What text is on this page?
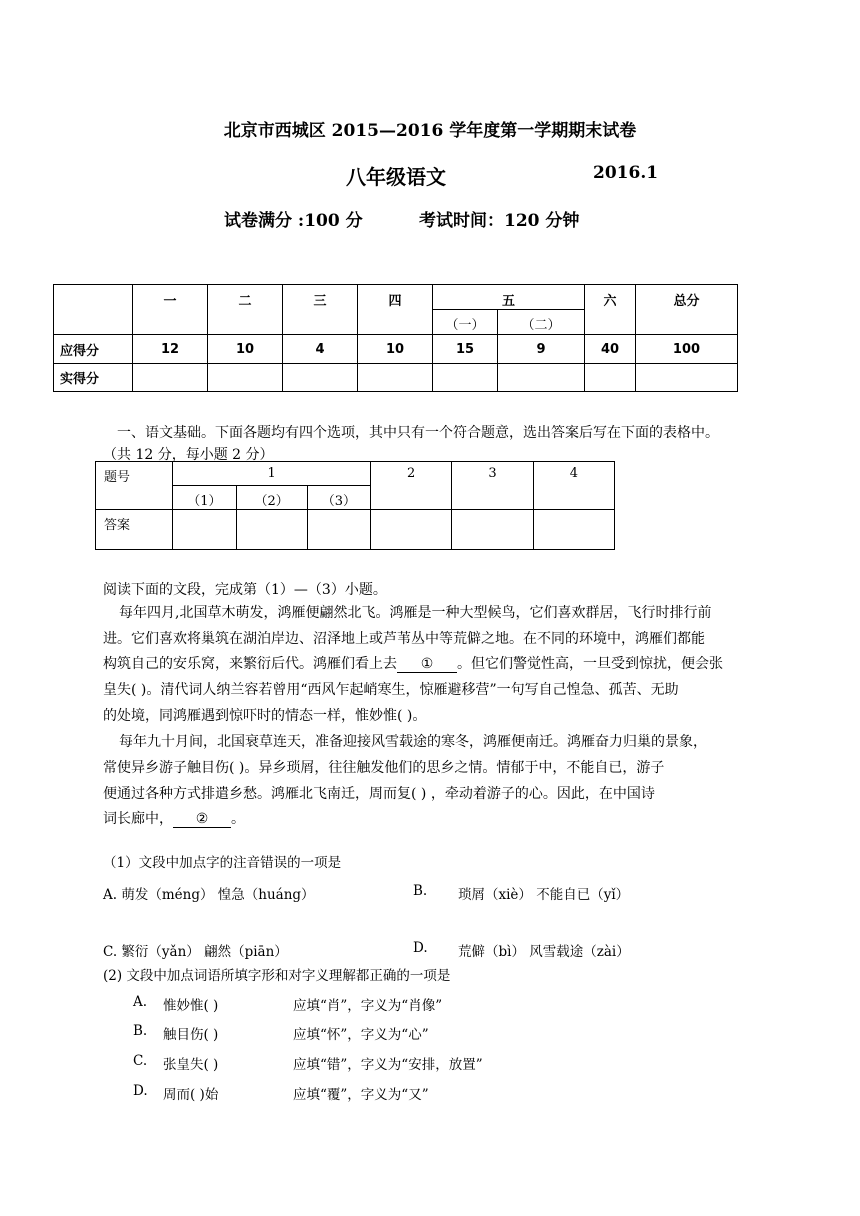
北京市西城区 2015—2016 学年度第一学期期末试卷
八年级语文	2016.1
试卷满分 :100 分	考试时间：120 分钟
	一	二	三	四	五		六	总分
					（一）	（二）		
应得分	12	10	4	10	15	9	40	100
实得分								
一、语文基础。下面各题均有四个选项，其中只有一个符合题意，选出答案后写在下面的表格中。
（共 12 分，每小题 2 分）
题号	1			2	3	4
	（1）	（2）	（3）			
答案						
阅读下面的文段，完成第（1）—（3）小题。
每年四月,北国草木萌发，鸿雁便翩然北飞。鸿雁是一种大型候鸟，它们喜欢群居，飞行时排行前
进。它们喜欢将巢筑在湖泊岸边、沼泽地上或芦苇丛中等荒僻之地。在不同的环境中，鸿雁们都能
构筑自己的安乐窝，来繁衍后代。鸿雁们看上去 ① 。但它们警觉性高，一旦受到惊扰，便会张
皇失( )。清代词人纳兰容若曾用“西风乍起峭寒生，惊雁避移营”一句写自己惶急、孤苦、无助
的处境，同鸿雁遇到惊吓时的情态一样，惟妙惟( )。
每年九十月间，北国衰草连天，准备迎接风雪载途的寒冬，鸿雁便南迁。鸿雁奋力归巢的景象，
常使异乡游子触目伤( )。异乡琐屑，往往触发他们的思乡之情。情郁于中，不能自已，游子
便通过各种方式排遣乡愁。鸿雁北飞南迁，周而复( ) ，牵动着游子的心。因此，在中国诗
词长廊中， ② 。
（1）文段中加点字的注音错误的一项是
A. 萌发（méng） 惶急（huáng）	B. 琐屑（xiè） 不能自已（yǐ）
C. 繁衍（yǎn） 翩然（piān）	D. 荒僻（bì） 风雪载途（zài）
(2) 文段中加点词语所填字形和对字义理解都正确的一项是
A. 惟妙惟( )	应填“肖”，字义为“肖像”
B. 触目伤( )	应填“怀”，字义为“心”
C. 张皇失( )	应填“错”，字义为“安排，放置”
D. 周而( )始	应填“覆”，字义为“又”
